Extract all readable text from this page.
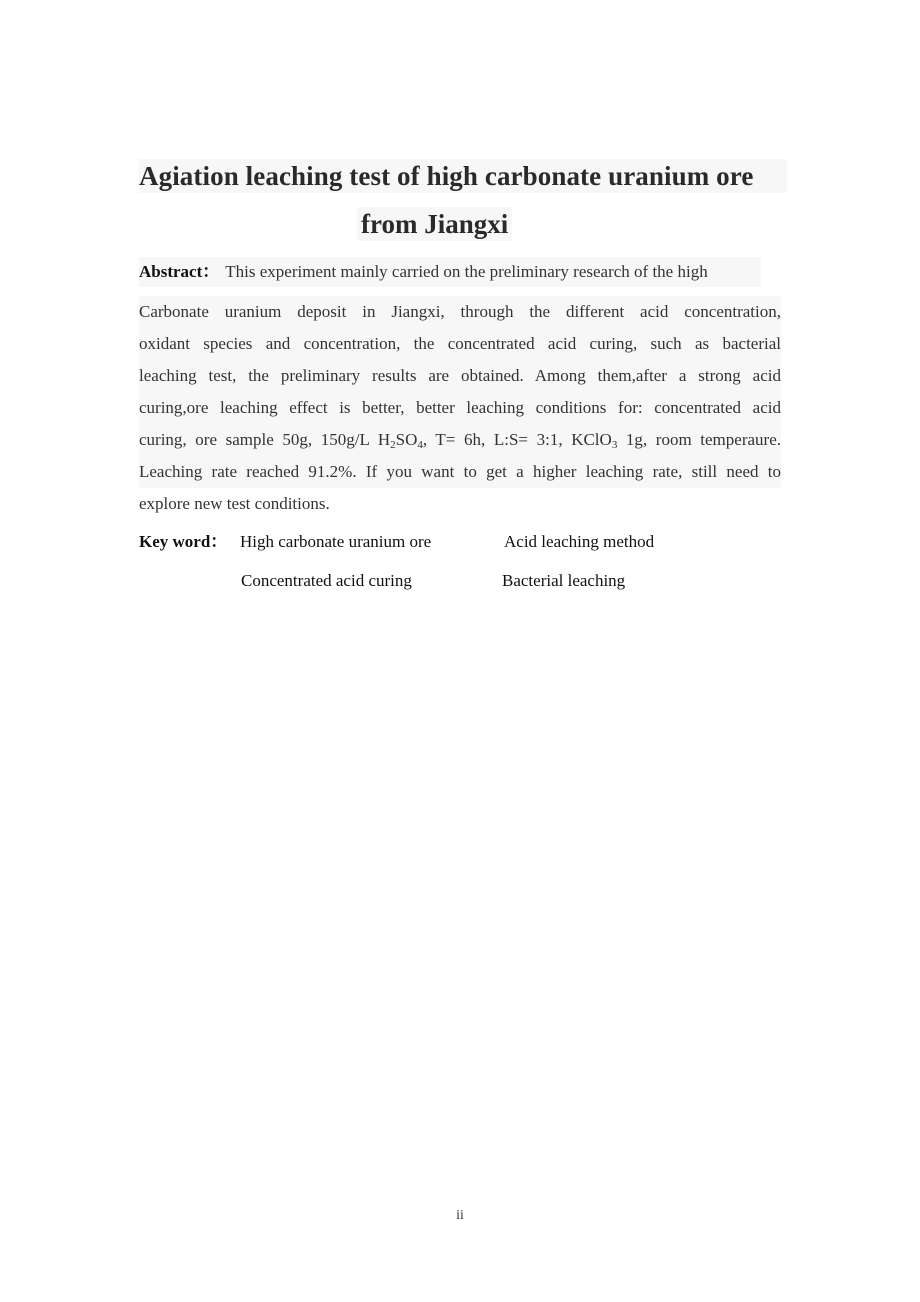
Agiation leaching test of high carbonate uranium ore
from Jiangxi
Abstract： This experiment mainly carried on the preliminary research of the high
Carbonate uranium deposit in Jiangxi, through the different acid concentration,
oxidant species and concentration, the concentrated acid curing, such as bacterial
leaching test, the preliminary results are obtained. Among them,after a strong acid
curing,ore leaching effect is better, better leaching conditions for: concentrated acid
curing, ore sample 50g, 150g/L $H_2SO_4$, T= 6h, L:S= 3:1, KClO$_3$ 1g, room temperaure.
Leaching rate reached 91.2%. If you want to get a higher leaching rate, still need to
explore new test conditions.
Key word： High carbonate uranium ore	Acid leaching method
Concentrated acid curing	Bacterial leaching
ii
